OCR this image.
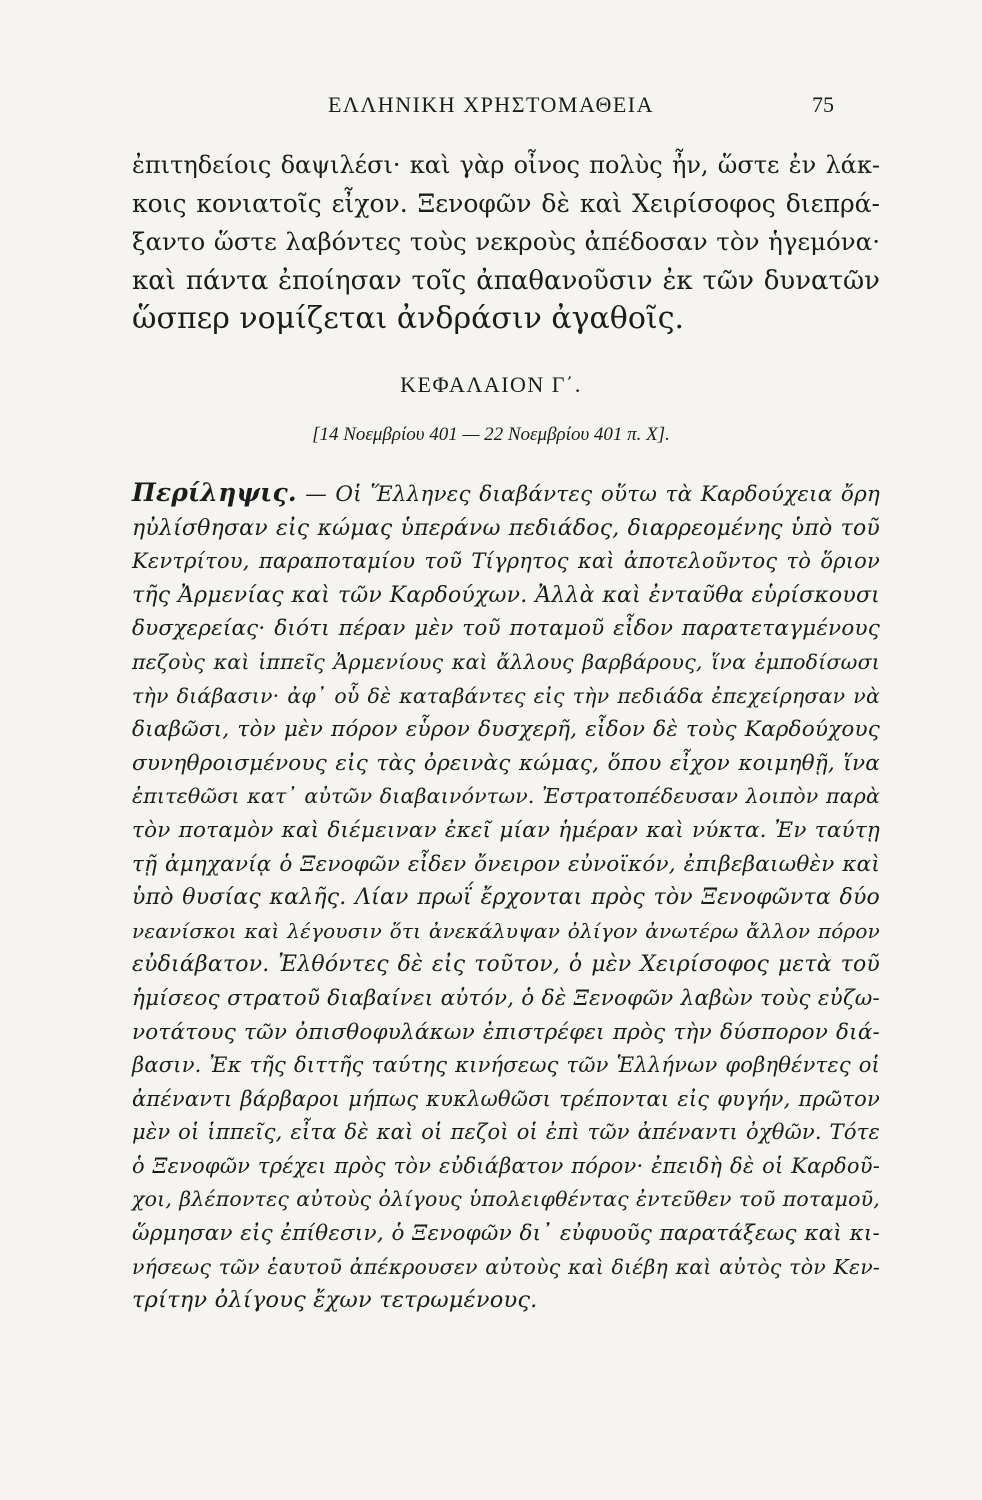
ΕΛΛΗΝΙΚΗ ΧΡΗΣΤΟΜΑΘΕΙΑ	75
ἐπιτηδείοις δαψιλέσι· καὶ γὰρ οἶνος πολὺς ἦν, ὥστε ἐν λάκ-
κοις κονιατοῖς εἶχον. Ξενοφῶν δὲ καὶ Χειρίσοφος διεπρά-
ξαντο ὥστε λαβόντες τοὺς νεκροὺς ἀπέδοσαν τὸν ἡγεμόνα·
καὶ πάντα ἐποίησαν τοῖς ἀπαθανοῦσιν ἐκ τῶν δυνατῶν
ὥσπερ νομίζεται ἀνδράσιν ἀγαθοῖς.
ΚΕΦΑΛΑΙΟΝ Γ΄.
[14 Νοεμβρίου 401 — 22 Νοεμβρίου 401 π. Χ].
Περίληψις. — Οἱ Ἕλληνες διαβάντες οὕτω τὰ Καρδούχεια ὄρη
ηὐλίσθησαν εἰς κώμας ὑπεράνω πεδιάδος, διαρρεομένης ὑπὸ τοῦ
Κεντρίτου, παραποταμίου τοῦ Τίγρητος καὶ ἀποτελοῦντος τὸ ὅριον
τῆς Ἀρμενίας καὶ τῶν Καρδούχων. Ἀλλὰ καὶ ἐνταῦθα εὑρίσκουσι
δυσχερείας· διότι πέραν μὲν τοῦ ποταμοῦ εἶδον παρατεταγμένους
πεζοὺς καὶ ἱππεῖς Ἀρμενίους καὶ ἄλλους βαρβάρους, ἵνα ἐμποδίσωσι
τὴν διάβασιν· ἀφ᾽ οὗ δὲ καταβάντες εἰς τὴν πεδιάδα ἐπεχείρησαν νὰ
διαβῶσι, τὸν μὲν πόρον εὗρον δυσχερῆ, εἶδον δὲ τοὺς Καρδούχους
συνηθροισμένους εἰς τὰς ὀρεινὰς κώμας, ὅπου εἶχον κοιμηθῇ, ἵνα
ἐπιτεθῶσι κατ᾽ αὐτῶν διαβαινόντων. Ἐστρατοπέδευσαν λοιπὸν παρὰ
τὸν ποταμὸν καὶ διέμειναν ἐκεῖ μίαν ἡμέραν καὶ νύκτα. Ἐν ταύτῃ
τῇ ἀμηχανίᾳ ὁ Ξενοφῶν εἶδεν ὄνειρον εὐνοϊκόν, ἐπιβεβαιωθὲν καὶ
ὑπὸ θυσίας καλῆς. Λίαν πρωΐ ἔρχονται πρὸς τὸν Ξενοφῶντα δύο
νεανίσκοι καὶ λέγουσιν ὅτι ἀνεκάλυψαν ὀλίγον ἀνωτέρω ἄλλον πόρον
εὐδιάβατον. Ἐλθόντες δὲ εἰς τοῦτον, ὁ μὲν Χειρίσοφος μετὰ τοῦ
ἡμίσεος στρατοῦ διαβαίνει αὐτόν, ὁ δὲ Ξενοφῶν λαβὼν τοὺς εὐζω-
νοτάτους τῶν ὀπισθοφυλάκων ἐπιστρέφει πρὸς τὴν δύσπορον διά-
βασιν. Ἐκ τῆς διττῆς ταύτης κινήσεως τῶν Ἑλλήνων φοβηθέντες οἱ
ἀπέναντι βάρβαροι μήπως κυκλωθῶσι τρέπονται εἰς φυγήν, πρῶτον
μὲν οἱ ἱππεῖς, εἶτα δὲ καὶ οἱ πεζοὶ οἱ ἐπὶ τῶν ἀπέναντι ὀχθῶν. Τότε
ὁ Ξενοφῶν τρέχει πρὸς τὸν εὐδιάβατον πόρον· ἐπειδὴ δὲ οἱ Καρδοῦ-
χοι, βλέποντες αὐτοὺς ὀλίγους ὑπολειφθέντας ἐντεῦθεν τοῦ ποταμοῦ,
ὥρμησαν εἰς ἐπίθεσιν, ὁ Ξενοφῶν δι᾽ εὐφυοῦς παρατάξεως καὶ κι-
νήσεως τῶν ἑαυτοῦ ἀπέκρουσεν αὐτοὺς καὶ διέβη καὶ αὐτὸς τὸν Κεν-
τρίτην ὀλίγους ἔχων τετρωμένους.
